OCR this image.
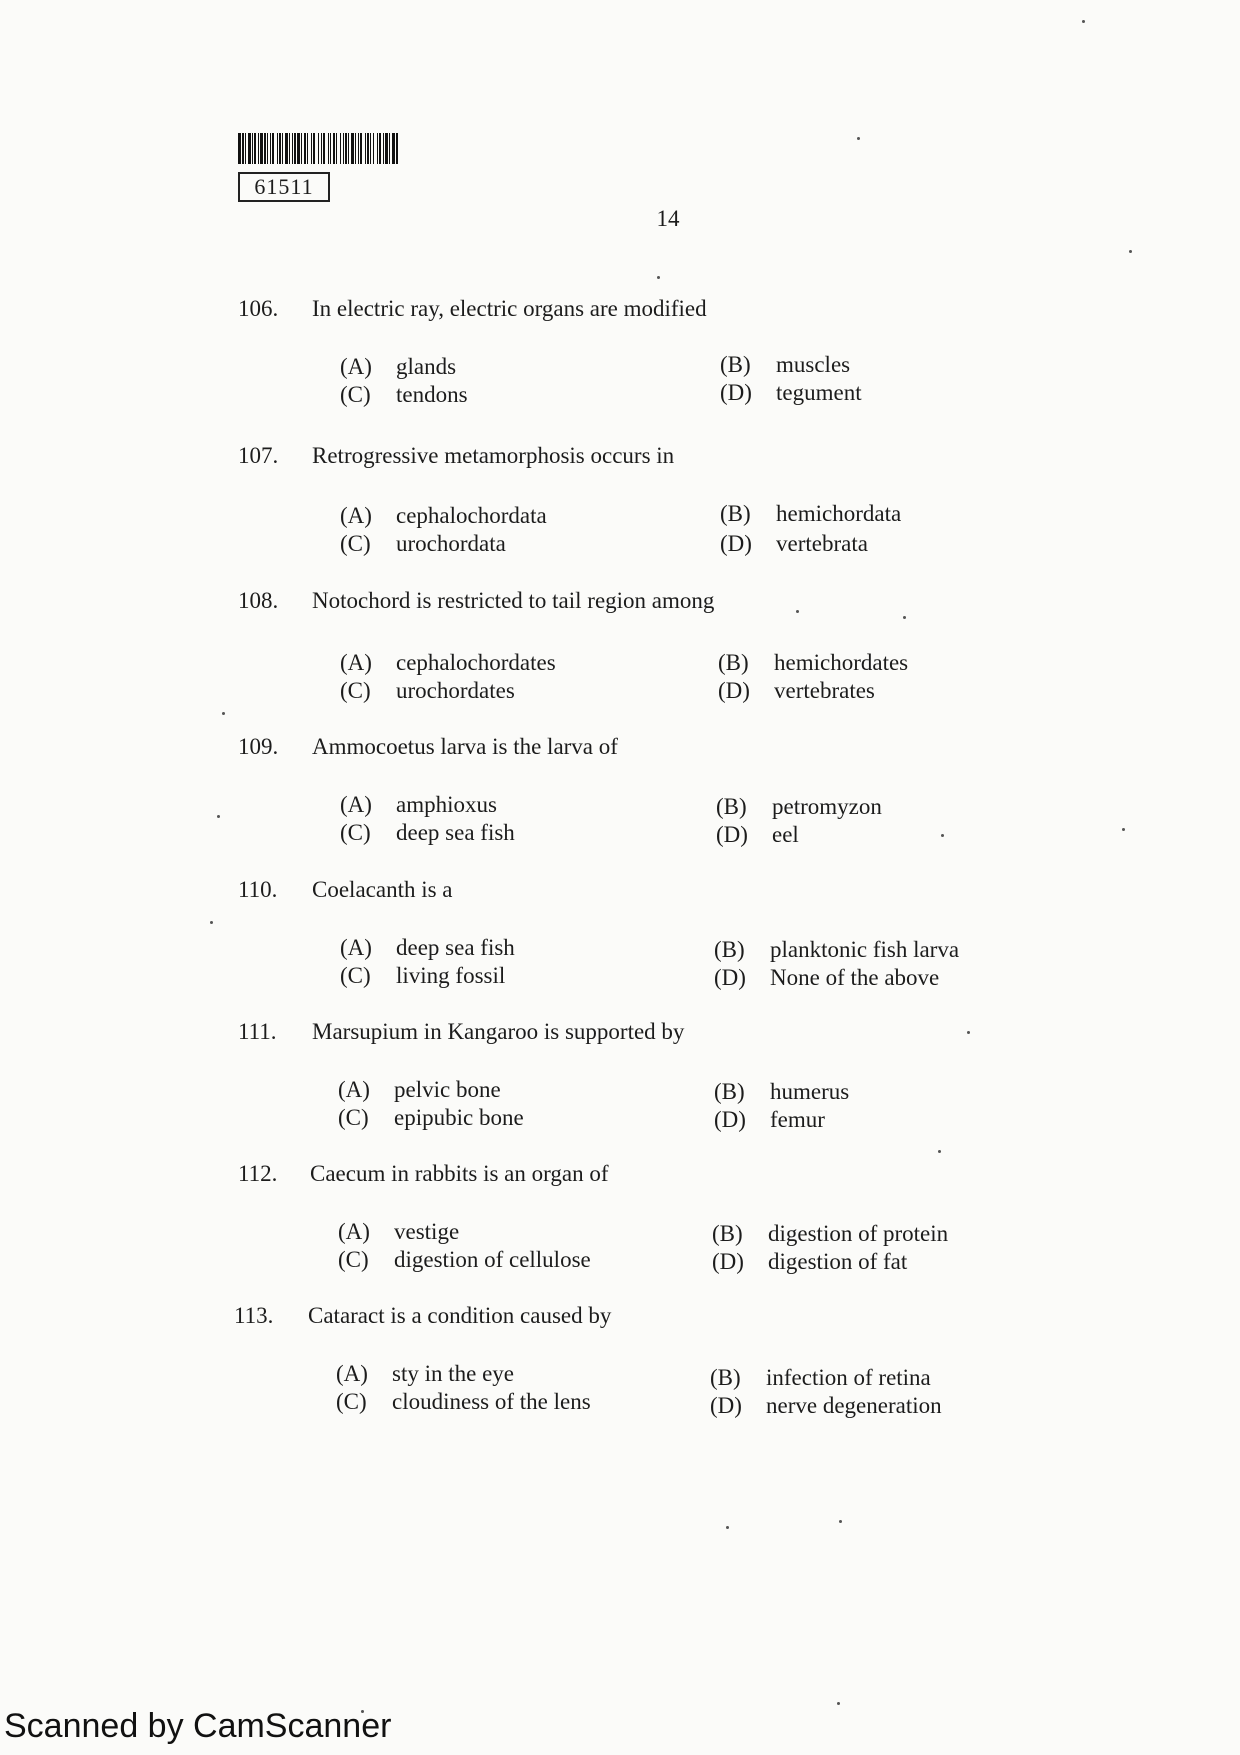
61511
14
106. In electric ray, electric organs are modified
(A) glands	(B) muscles
(C) tendons	(D) tegument
107. Retrogressive metamorphosis occurs in
(A) cephalochordata	(B) hemichordata
(C) urochordata	(D) vertebrata
108. Notochord is restricted to tail region among
(A) cephalochordates	(B) hemichordates
(C) urochordates	(D) vertebrates
109. Ammocoetus larva is the larva of
(A) amphioxus	(B) petromyzon
(C) deep sea fish	(D) eel
110. Coelacanth is a
(A) deep sea fish	(B) planktonic fish larva
(C) living fossil	(D) None of the above
111. Marsupium in Kangaroo is supported by
(A) pelvic bone	(B) humerus
(C) epipubic bone	(D) femur
112. Caecum in rabbits is an organ of
(A) vestige	(B) digestion of protein
(C) digestion of cellulose	(D) digestion of fat
113. Cataract is a condition caused by
(A) sty in the eye	(B) infection of retina
(C) cloudiness of the lens	(D) nerve degeneration
Scanned by CamScanner
